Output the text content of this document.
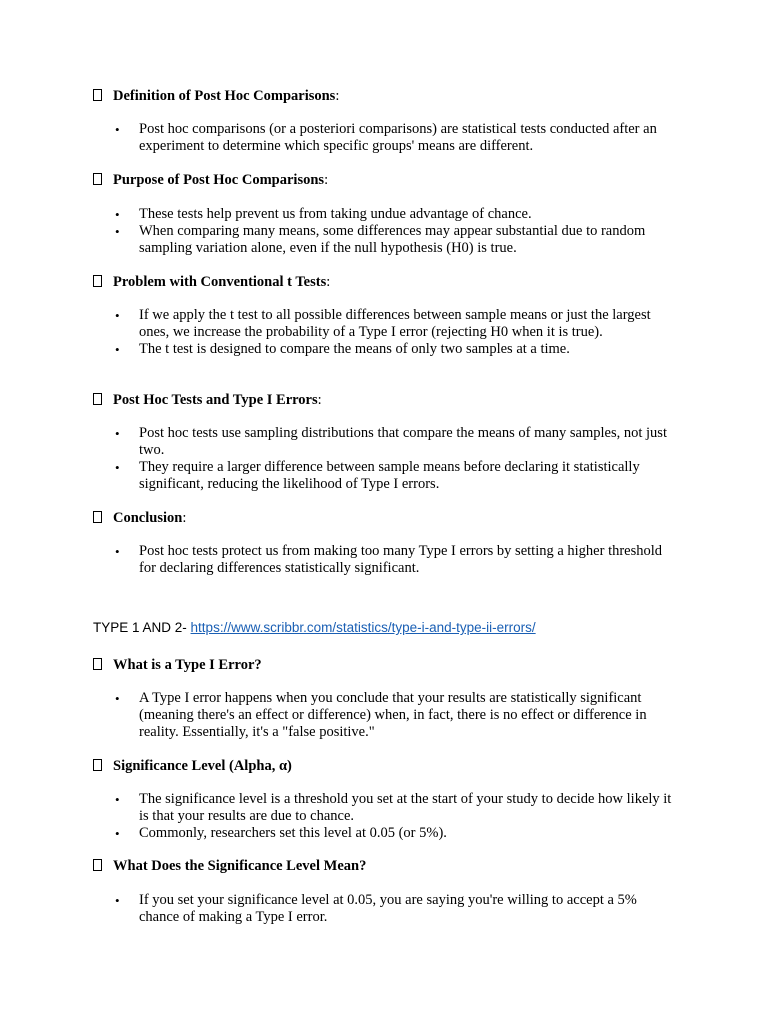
Definition of Post Hoc Comparisons :

• Post hoc comparisons (or a posteriori comparisons) are statistical tests conducted after an experiment to determine which specific groups' means are different.

Purpose of Post Hoc Comparisons :

• These tests help prevent us from taking undue advantage of chance.
• When comparing many means, some differences may appear substantial due to random sampling variation alone, even if the null hypothesis (H0) is true.

Problem with Conventional t Tests :

• If we apply the t test to all possible differences between sample means or just the largest ones, we increase the probability of a Type I error (rejecting H0 when it is true).
• The t test is designed to compare the means of only two samples at a time.

Post Hoc Tests and Type I Errors :

• Post hoc tests use sampling distributions that compare the means of many samples, not just two.
• They require a larger difference between sample means before declaring it statistically significant, reducing the likelihood of Type I errors.

Conclusion :

• Post hoc tests protect us from making too many Type I errors by setting a higher threshold for declaring differences statistically significant.
TYPE 1 AND 2- https://www.scribbr.com/statistics/type-i-and-type-ii-errors/

What is a Type I Error?

• A Type I error happens when you conclude that your results are statistically significant (meaning there's an effect or difference) when, in fact, there is no effect or difference in reality. Essentially, it's a "false positive."

Significance Level (Alpha, α)

• The significance level is a threshold you set at the start of your study to decide how likely it is that your results are due to chance.
• Commonly, researchers set this level at 0.05 (or 5%).

What Does the Significance Level Mean?

• If you set your significance level at 0.05, you are saying you're willing to accept a 5% chance of making a Type I error.
